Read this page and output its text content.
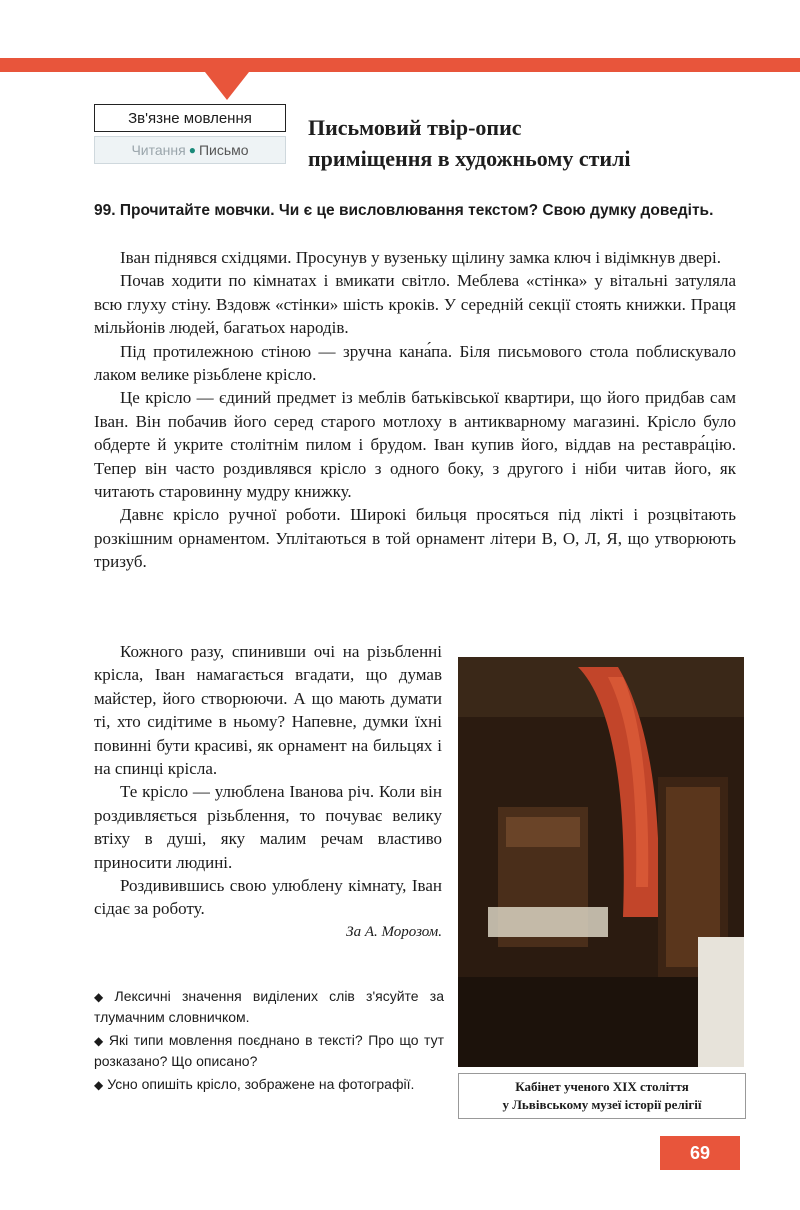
⁠ ⁠ ⁠
Зв'язне мовлення
Читання ● Письмо
Письмовий твір-опис
приміщення в художньому стилі

99. Прочитайте мовчки. Чи є це висловлювання текстом? Свою думку доведіть.

Іван піднявся східцями. Просунув у вузеньку щілину замка ключ і відімкнув двері.

Почав ходити по кімнатах і вмикати світло. Меблева «стінка» у вітальні затуляла всю глуху стіну. Вздовж «стінки» шість кроків. У середній секції стоять книжки. Праця мільйонів людей, багатьох народів.

Під протилежною стіною — зручна кана́па. Біля письмового стола поблискувало лаком велике різьблене крісло.

Це крісло — єдиний предмет із меблів батьківської квартири, що його придбав сам Іван. Він побачив його серед старого мотлоху в антикварному магазині. Крісло було обдерте й укрите столітнім пилом і брудом. Іван купив його, віддав на реставра́цію. Тепер він часто роздивлявся крісло з одного боку, з другого і ніби читав його, як читають старовинну мудру книжку.

Давнє крісло ручної роботи. Широкі бильця просяться під лікті і розцвітають розкішним орнаментом. Уплітаються в той орнамент літери В, О, Л, Я, що утворюють тризуб.

Кожного разу, спинивши очі на різьбленні крісла, Іван намагається вгадати, що думав майстер, його створюючи. А що мають думати ті, хто сидітиме в ньому? Напевне, думки їхні повинні бути красиві, як орнамент на бильцях і на спинці крісла.

Те крісло — улюблена Іванова річ. Коли він роздивляється різьблення, то почуває велику втіху в душі, яку малим речам властиво приносити людині.

Роздивившись свою улюблену кімнату, Іван сідає за роботу.

За А. Морозом.

◆ Лексичні значення виділених слів з'ясуйте за тлумачним словничком.

◆ Які типи мовлення поєднано в тексті? Про що тут розказано? Що описано?

◆ Усно опишіть крісло, зображене на фотографії.	Кабінет ученого XIX століття
у Львівському музеї історії релігії
69
